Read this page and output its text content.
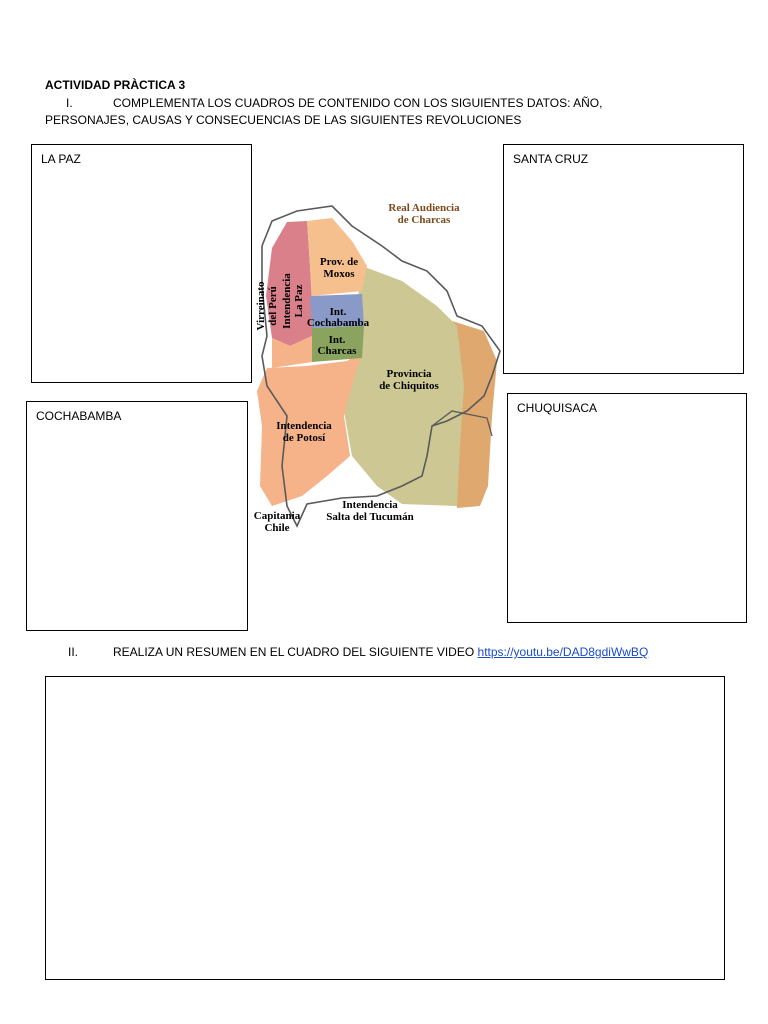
ACTIVIDAD PRÀCTICA 3
I.	COMPLEMENTA LOS CUADROS DE CONTENIDO CON LOS SIGUIENTES DATOS: AÑO,
PERSONAJES, CAUSAS Y CONSECUENCIAS DE LAS SIGUIENTES REVOLUCIONES
LA PAZ	SANTA CRUZ
COCHABAMBA
CHUQUISACA
Real Audiencia
de Charcas
Virreinato del Perú Intendencia La Paz
Prov. de
Moxos
Int.
Cochabamba
Int.
Charcas
Provincia
de Chiquitos
Intendencia
de Potosí
Capitania
Chile
Intendencia
Salta del Tucumán
II.	REALIZA UN RESUMEN EN EL CUADRO DEL SIGUIENTE VIDEO https://youtu.be/DAD8gdiWwBQ
